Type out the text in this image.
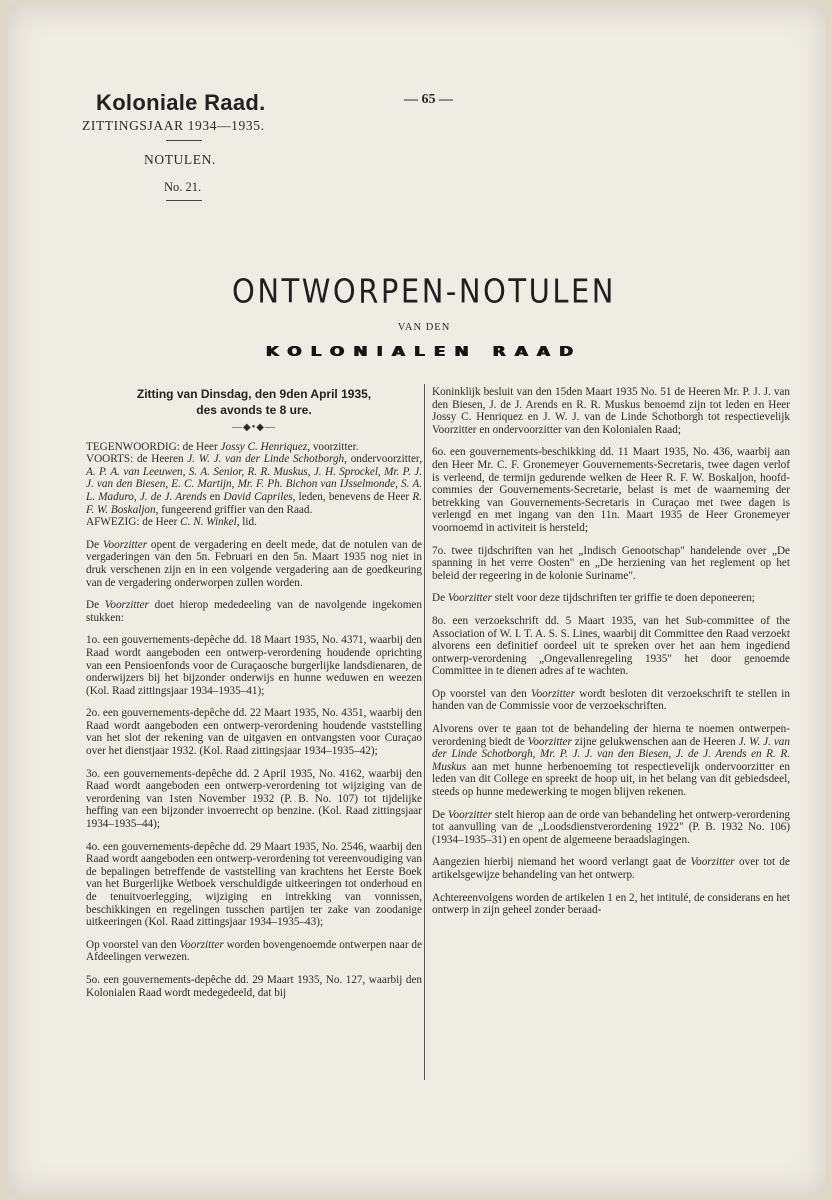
Koloniale Raad.
ZITTINGSJAAR 1934—1935.
— 65 —
NOTULEN.
No. 21.
ONTWORPEN-NOTULEN
VAN DEN
KOLONIALEN RAAD
Zitting van Dinsdag, den 9den April 1935,
des avonds te 8 ure.
—◆•◆—

TEGENWOORDIG: de Heer Jossy C. Henriquez, voorzitter.

VOORTS: de Heeren J. W. J. van der Linde Schotborgh, ondervoorzitter, A. P. A. van Leeuwen, S. A. Senior, R. R. Muskus, J. H. Sprockel, Mr. P. J. J. van den Biesen, E. C. Martijn, Mr. F. Ph. Bichon van IJsselmonde, S. A. L. Maduro, J. de J. Arends en David Capriles, leden, benevens de Heer R. F. W. Boskaljon, fungeerend griffier van den Raad.

AFWEZIG: de Heer C. N. Winkel, lid.

De Voorzitter opent de vergadering en deelt mede, dat de notulen van de vergaderingen van den 5n. Februari en den 5n. Maart 1935 nog niet in druk verschenen zijn en in een volgende vergadering aan de goedkeuring van de vergadering onderworpen zullen worden.

De Voorzitter doet hierop mededeeling van de navolgende ingekomen stukken:

1o. een gouvernements-depêche dd. 18 Maart 1935, No. 4371, waarbij den Raad wordt aangeboden een ontwerp-verordening houdende oprichting van een Pensioenfonds voor de Curaçaosche burgerlijke landsdienaren, de onderwijzers bij het bijzonder onderwijs en hunne weduwen en weezen (Kol. Raad zittingsjaar 1934–1935–41);

2o. een gouvernements-depêche dd. 22 Maart 1935, No. 4351, waarbij den Raad wordt aangeboden een ontwerp-verordening houdende vaststelling van het slot der rekening van de uitgaven en ontvangsten voor Curaçao over het dienstjaar 1932. (Kol. Raad zittingsjaar 1934–1935–42);

3o. een gouvernements-depêche dd. 2 April 1935, No. 4162, waarbij den Raad wordt aangeboden een ontwerp-verordening tot wijziging van de verordening van 1sten November 1932 (P. B. No. 107) tot tijdelijke heffing van een bijzonder invoerrecht op benzine. (Kol. Raad zittingsjaar 1934–1935–44);

4o. een gouvernements-depêche dd. 29 Maart 1935, No. 2546, waarbij den Raad wordt aangeboden een ontwerp-verordening tot vereenvoudiging van de bepalingen betreffende de vaststelling van krachtens het Eerste Boek van het Burgerlijke Wetboek verschuldigde uitkeeringen tot onderhoud en de tenuitvoerlegging, wijziging en intrekking van vonnissen, beschikkingen en regelingen tusschen partijen ter zake van zoodanige uitkeeringen (Kol. Raad zittingsjaar 1934–1935–43);

Op voorstel van den Voorzitter worden bovengenoemde ontwerpen naar de Afdeelingen verwezen.

5o. een gouvernements-depêche dd. 29 Maart 1935, No. 127, waarbij den Kolonialen Raad wordt medegedeeld, dat bij

Koninklijk besluit van den 15den Maart 1935 No. 51 de Heeren Mr. P. J. J. van den Biesen, J. de J. Arends en R. R. Muskus benoemd zijn tot leden en Heer Jossy C. Henriquez en J. W. J. van de Linde Schotborgh tot respectievelijk Voorzitter en ondervoorzitter van den Kolonialen Raad;

6o. een gouvernements-beschikking dd. 11 Maart 1935, No. 436, waarbij aan den Heer Mr. C. F. Gronemeyer Gouvernements-Secretaris, twee dagen verlof is verleend, de termijn gedurende welken de Heer R. F. W. Boskaljon, hoofd-commies der Gouvernements-Secretarie, belast is met de waarneming der betrekking van Gouvernements-Secretaris in Curaçao met twee dagen is verlengd en met ingang van den 11n. Maart 1935 de Heer Gronemeyer voornoemd in activiteit is hersteld;

7o. twee tijdschriften van het „Indisch Genootschap" handelende over „De spanning in het verre Oosten" en „De herziening van het reglement op het beleid der regeering in de kolonie Suriname".

De Voorzitter stelt voor deze tijdschriften ter griffie te doen deponeeren;

8o. een verzoekschrift dd. 5 Maart 1935, van het Sub-committee of the Association of W. I. T. A. S. S. Lines, waarbij dit Committee den Raad verzoekt alvorens een definitief oordeel uit te spreken over het aan hem ingediend ontwerp-verordening „Ongevallenregeling 1935" het door genoemde Committee in te dienen adres af te wachten.

Op voorstel van den Voorzitter wordt besloten dit verzoekschrift te stellen in handen van de Commissie voor de verzoekschriften.

Alvorens over te gaan tot de behandeling der hierna te noemen ontwerpen-verordening biedt de Voorzitter zijne gelukwenschen aan de Heeren J. W. J. van der Linde Schotborgh, Mr. P. J. J. van den Biesen, J. de J. Arends en R. R. Muskus aan met hunne herbenoeming tot respectievelijk ondervoorzitter en leden van dit College en spreekt de hoop uit, in het belang van dit gebiedsdeel, steeds op hunne medewerking te mogen blijven rekenen.

De Voorzitter stelt hierop aan de orde van behandeling het ontwerp-verordening tot aanvulling van de „Loodsdienstverordening 1922" (P. B. 1932 No. 106) (1934–1935–31) en opent de algemeene beraadslagingen.

Aangezien hierbij niemand het woord verlangt gaat de Voorzitter over tot de artikelsgewijze behandeling van het ontwerp.

Achtereenvolgens worden de artikelen 1 en 2, het intitulé, de considerans en het ontwerp in zijn geheel zonder beraad-
